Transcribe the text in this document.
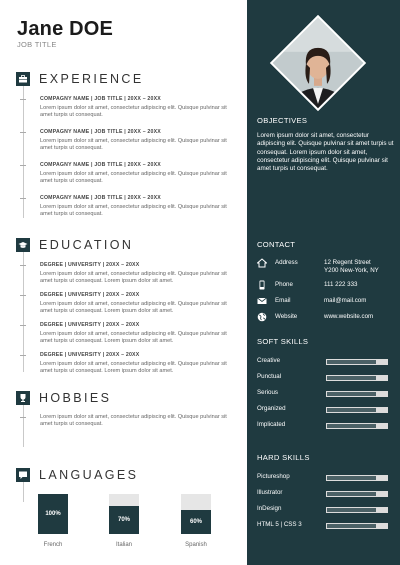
Jane DOE
JOB TITLE
EXPERIENCE
COMPAGNY NAME | JOB TITLE | 20XX – 20XX
Lorem ipsum dolor sit amet, consectetur adipiscing elit. Quisque pulvinar sit amet turpis ut consequat.
COMPAGNY NAME | JOB TITLE | 20XX – 20XX
Lorem ipsum dolor sit amet, consectetur adipiscing elit. Quisque pulvinar sit amet turpis ut consequat.
COMPAGNY NAME | JOB TITLE | 20XX – 20XX
Lorem ipsum dolor sit amet, consectetur adipiscing elit. Quisque pulvinar sit amet turpis ut consequat.
COMPAGNY NAME | JOB TITLE | 20XX – 20XX
Lorem ipsum dolor sit amet, consectetur adipiscing elit. Quisque pulvinar sit amet turpis ut consequat.
EDUCATION
DEGREE | UNIVERSITY | 20XX – 20XX
Lorem ipsum dolor sit amet, consectetur adipiscing elit. Quisque pulvinar sit amet turpis ut consequat. Lorem ipsum dolor sit amet.
DEGREE | UNIVERSITY | 20XX – 20XX
Lorem ipsum dolor sit amet, consectetur adipiscing elit. Quisque pulvinar sit amet turpis ut consequat. Lorem ipsum dolor sit amet.
DEGREE | UNIVERSITY | 20XX – 20XX
Lorem ipsum dolor sit amet, consectetur adipiscing elit. Quisque pulvinar sit amet turpis ut consequat. Lorem ipsum dolor sit amet.
DEGREE | UNIVERSITY | 20XX – 20XX
Lorem ipsum dolor sit amet, consectetur adipiscing elit. Quisque pulvinar sit amet turpis ut consequat. Lorem ipsum dolor sit amet.
HOBBIES
Lorem ipsum dolor sit amet, consectetur adipiscing elit. Quisque pulvinar sit amet turpis ut consequat.
LANGUAGES
100%
French
70%
Italian
60%
Spanish
OBJECTIVES
Lorem ipsum dolor sit amet, consectetur adipiscing elit. Quisque pulvinar sit amet turpis ut consequat. Lorem ipsum dolor sit amet, consectetur adipiscing elit. Quisque pulvinar sit amet turpis ut consequat.
CONTACT
Address	12 Regent Street
Y200 New-York, NY
Phone	111 222 333
Email	mail@mail.com
Website	www.website.com
SOFT SKILLS
Creative
Punctual
Serious
Organized
Implicated
HARD SKILLS
Pictureshop
Illustrator
InDesign
HTML 5 | CSS 3
